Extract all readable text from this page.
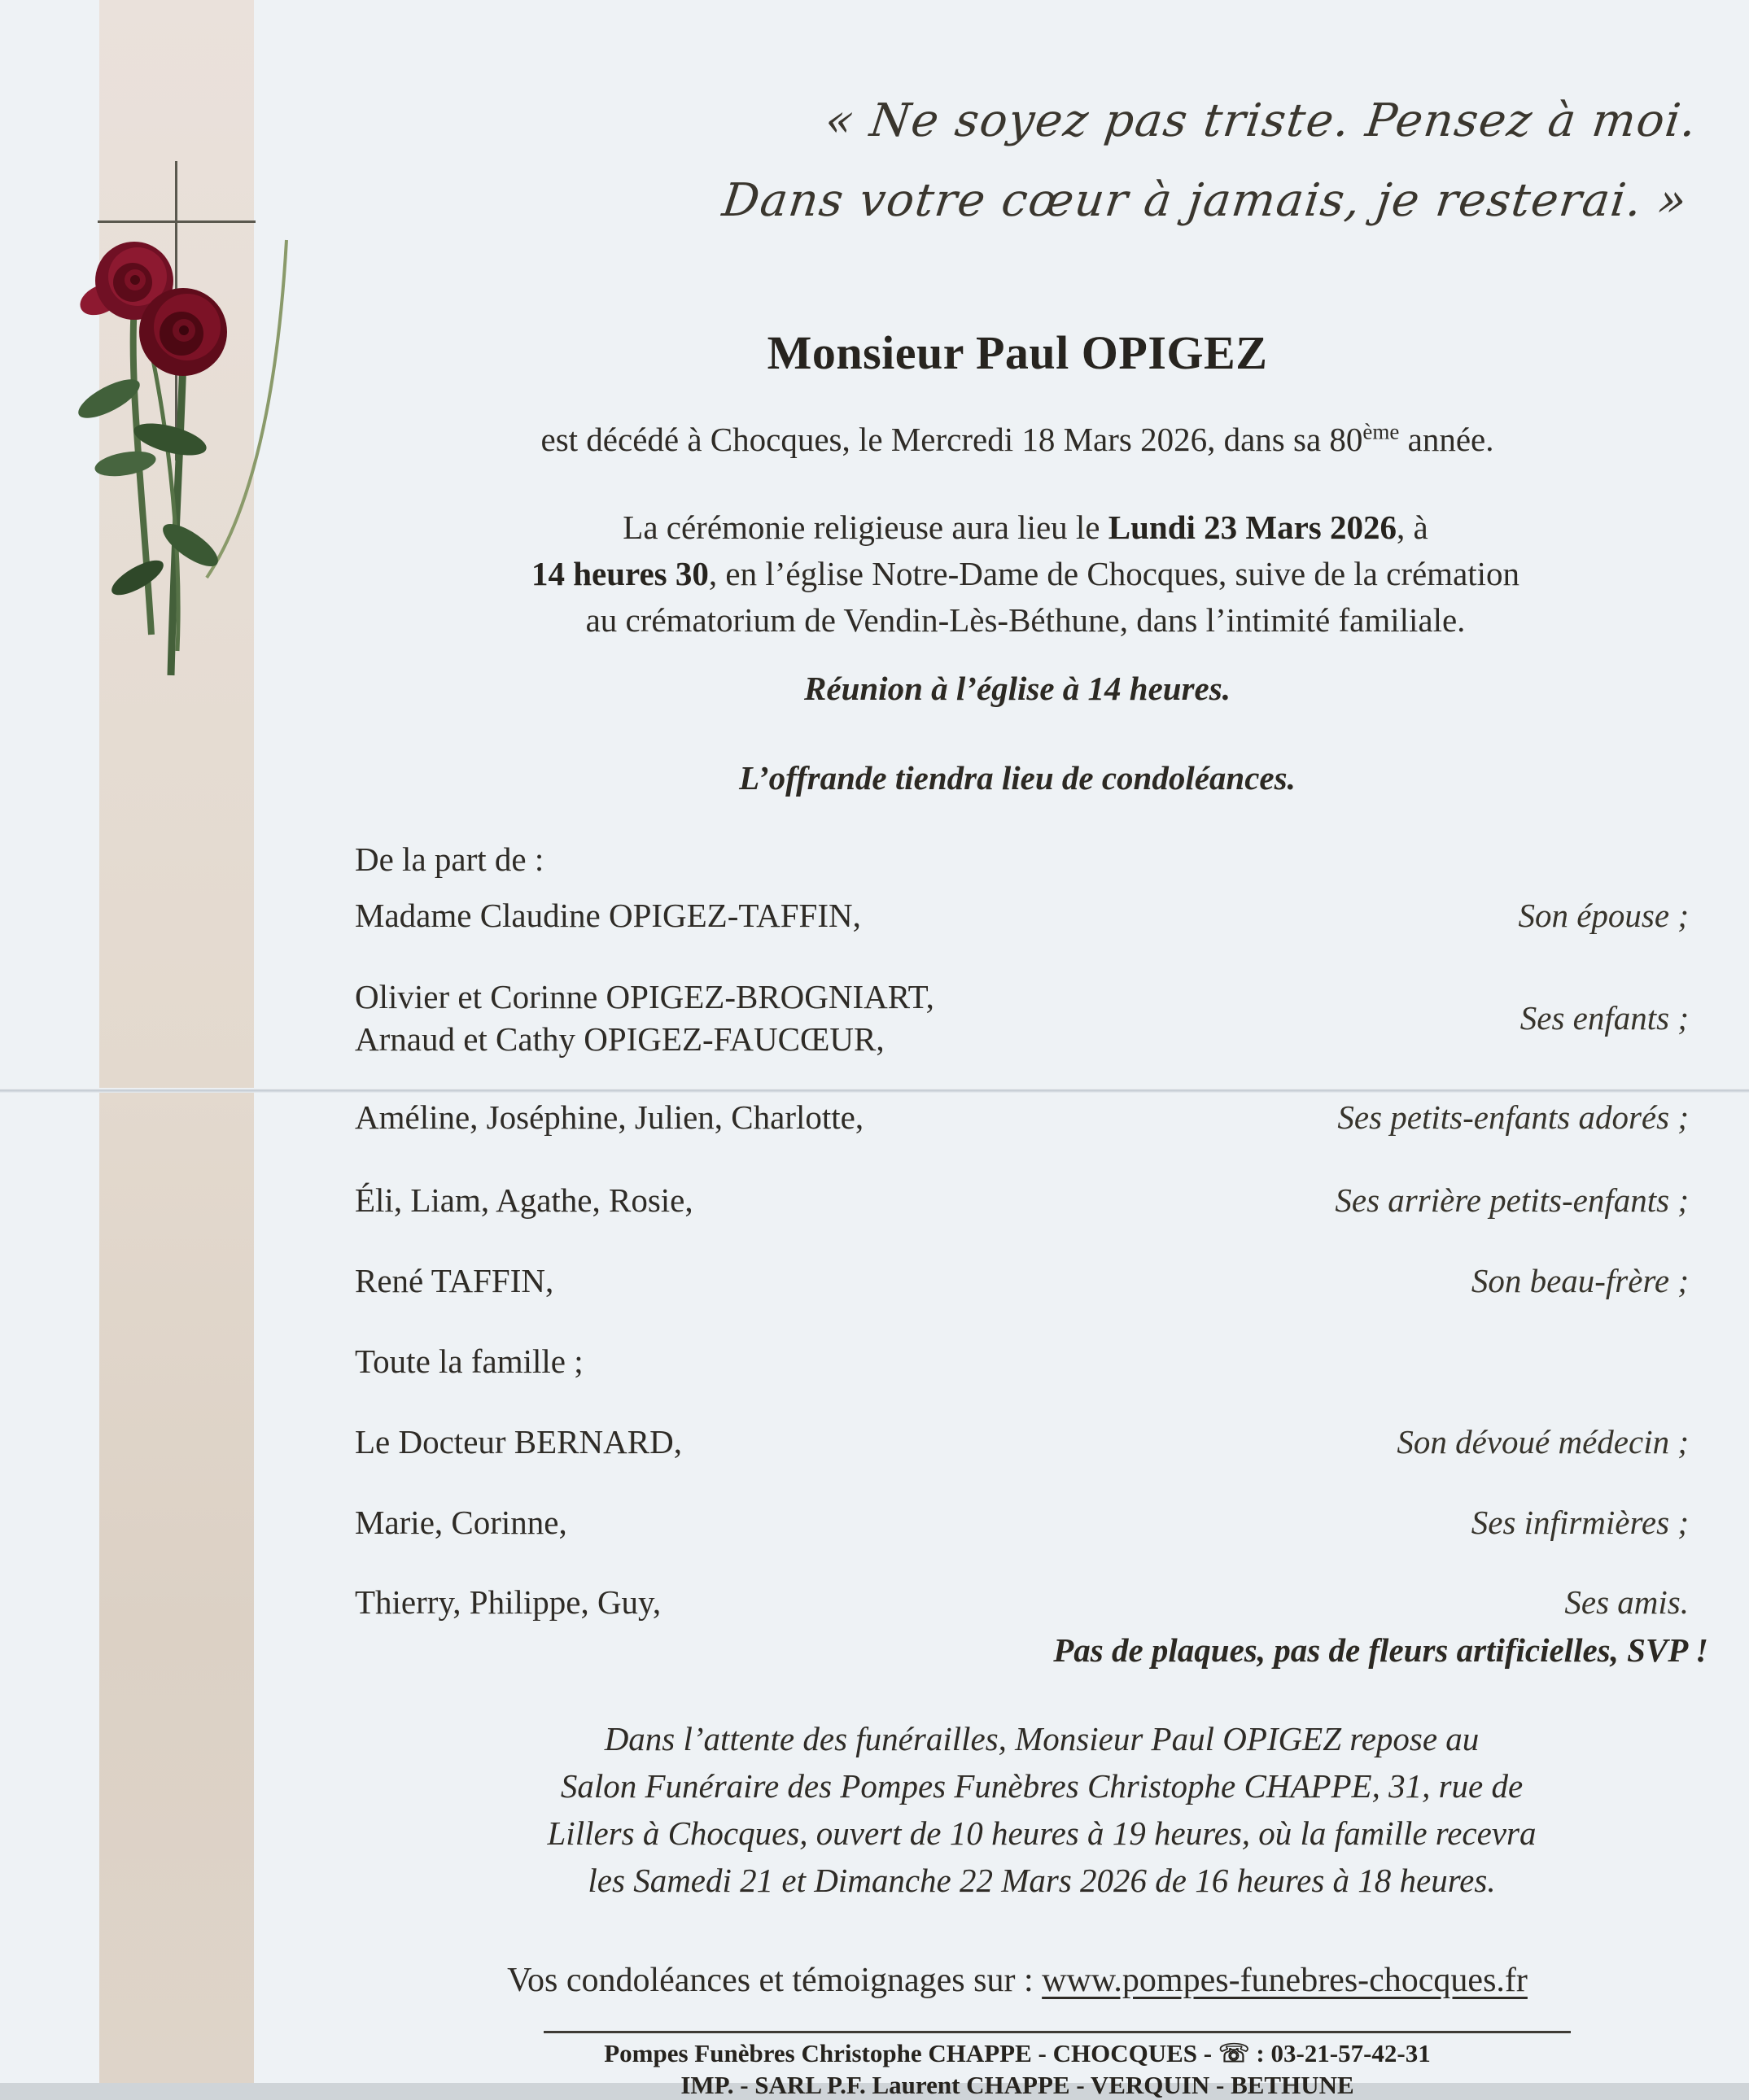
« Ne soyez pas triste. Pensez à moi.
Dans votre cœur à jamais, je resterai. »
Monsieur Paul OPIGEZ
est décédé à Chocques, le Mercredi 18 Mars 2026, dans sa 80ème année.
La cérémonie religieuse aura lieu le Lundi 23 Mars 2026, à
14 heures 30, en l’église Notre-Dame de Chocques, suive de la crémation
au crématorium de Vendin-Lès-Béthune, dans l’intimité familiale.
Réunion à l’église à 14 heures.
L’offrande tiendra lieu de condoléances.
De la part de :
Madame Claudine OPIGEZ-TAFFIN,	Son épouse ;
Olivier et Corinne OPIGEZ-BROGNIART,
Arnaud et Cathy OPIGEZ-FAUCŒUR,
Ses enfants ;
Améline, Joséphine, Julien, Charlotte,	Ses petits-enfants adorés ;
Éli, Liam, Agathe, Rosie,	Ses arrière petits-enfants ;
René TAFFIN,	Son beau-frère ;
Toute la famille ;
Le Docteur BERNARD,	Son dévoué médecin ;
Marie, Corinne,	Ses infirmières ;
Thierry, Philippe, Guy,	Ses amis.
Pas de plaques, pas de fleurs artificielles, SVP !
Dans l’attente des funérailles, Monsieur Paul OPIGEZ repose au
Salon Funéraire des Pompes Funèbres Christophe CHAPPE, 31, rue de
Lillers à Chocques, ouvert de 10 heures à 19 heures, où la famille recevra
les Samedi 21 et Dimanche 22 Mars 2026 de 16 heures à 18 heures.
Vos condoléances et témoignages sur : www.pompes-funebres-chocques.fr
Pompes Funèbres Christophe CHAPPE - CHOCQUES - ☏ : 03-21-57-42-31
IMP. - SARL P.F. Laurent CHAPPE - VERQUIN - BETHUNE
